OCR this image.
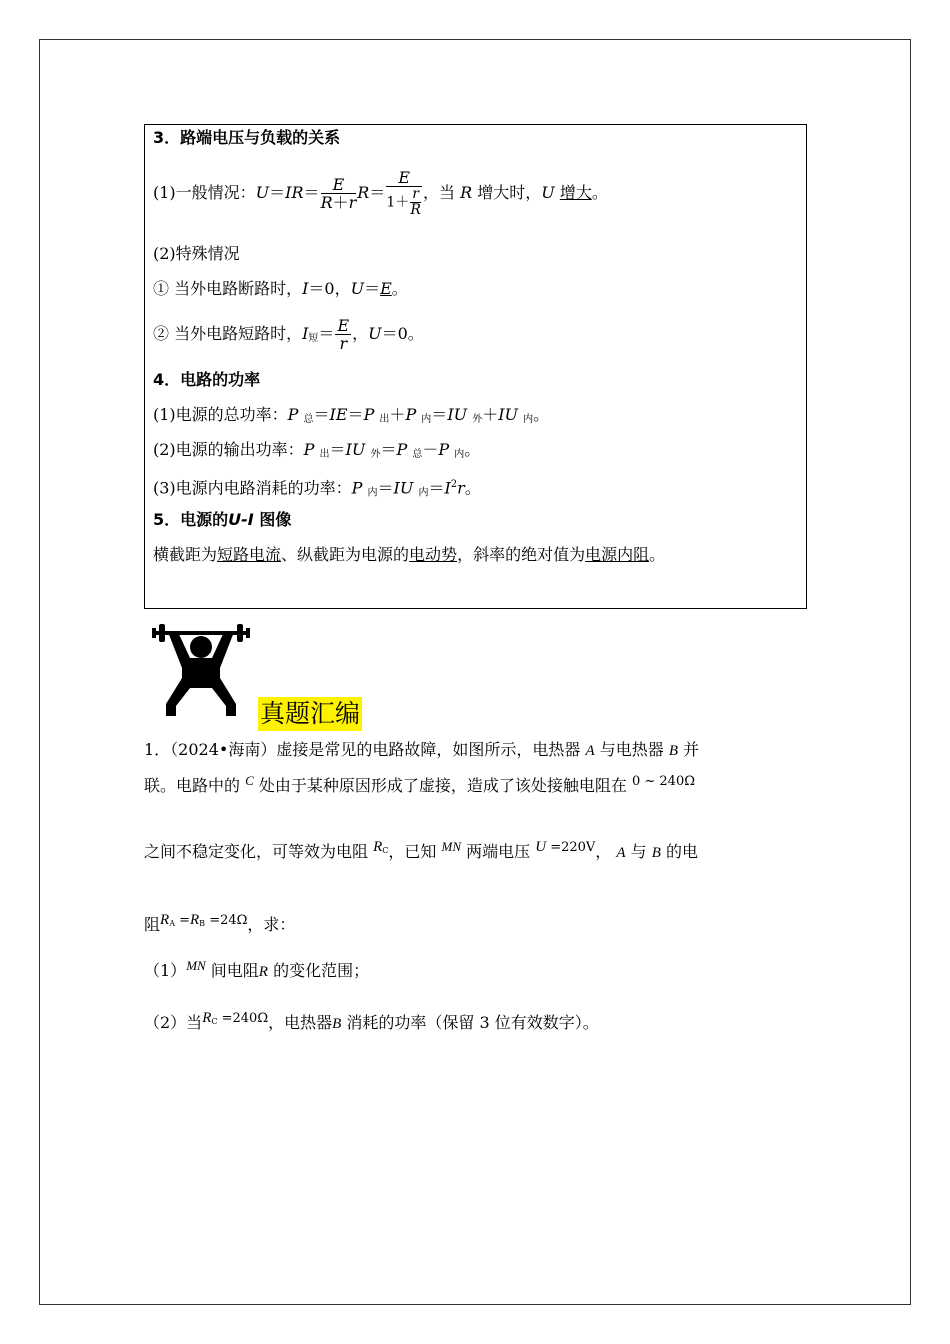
3．路端电压与负载的关系
(1)一般情况：$U=IR= \frac{E}{R+r} R= \frac{E}{1+ \frac{r}{R}}$ ，当 R 增大时，U 增大。
(2)特殊情况
① 当外电路断路时，I＝0，U＝E。
② 当外电路短路时，$I_短= \frac{E}{r}$ ，U＝0。
4．电路的功率
(1)电源的总功率：P $_总$＝IE＝P $_出$＋P $_内$＝IU $_外$＋IU $_内$。
(2)电源的输出功率：P $_出$＝IU $_外$＝P $_总$－P $_内$。
(3)电源内电路消耗的功率：P $_内$＝IU $_内=I^2r$。
5．电源的U-I 图像
横截距为短路电流、纵截距为电源的电动势，斜率的绝对值为电源内阻。
真题汇编
1．（2024•海南）虚接是常见的电路故障，如图所示，电热器 A 与电热器 B 并
联。电路中的 $^C$ 处由于某种原因形成了虚接，造成了该处接触电阻在 $^{0 \sim 240\Omega}$
之间不稳定变化，可等效为电阻 $^{R_C}$，已知 $^{MN}$ 两端电压 $^{U =220V}$， A 与 B 的电
阻$^{R_A =R_B =24\Omega}$，求：
$(1)^{MN}$ 间电阻R 的变化范围；
（2）当$^{R_C =240\Omega}$，电热器B 消耗的功率（保留 3 位有效数字）。
